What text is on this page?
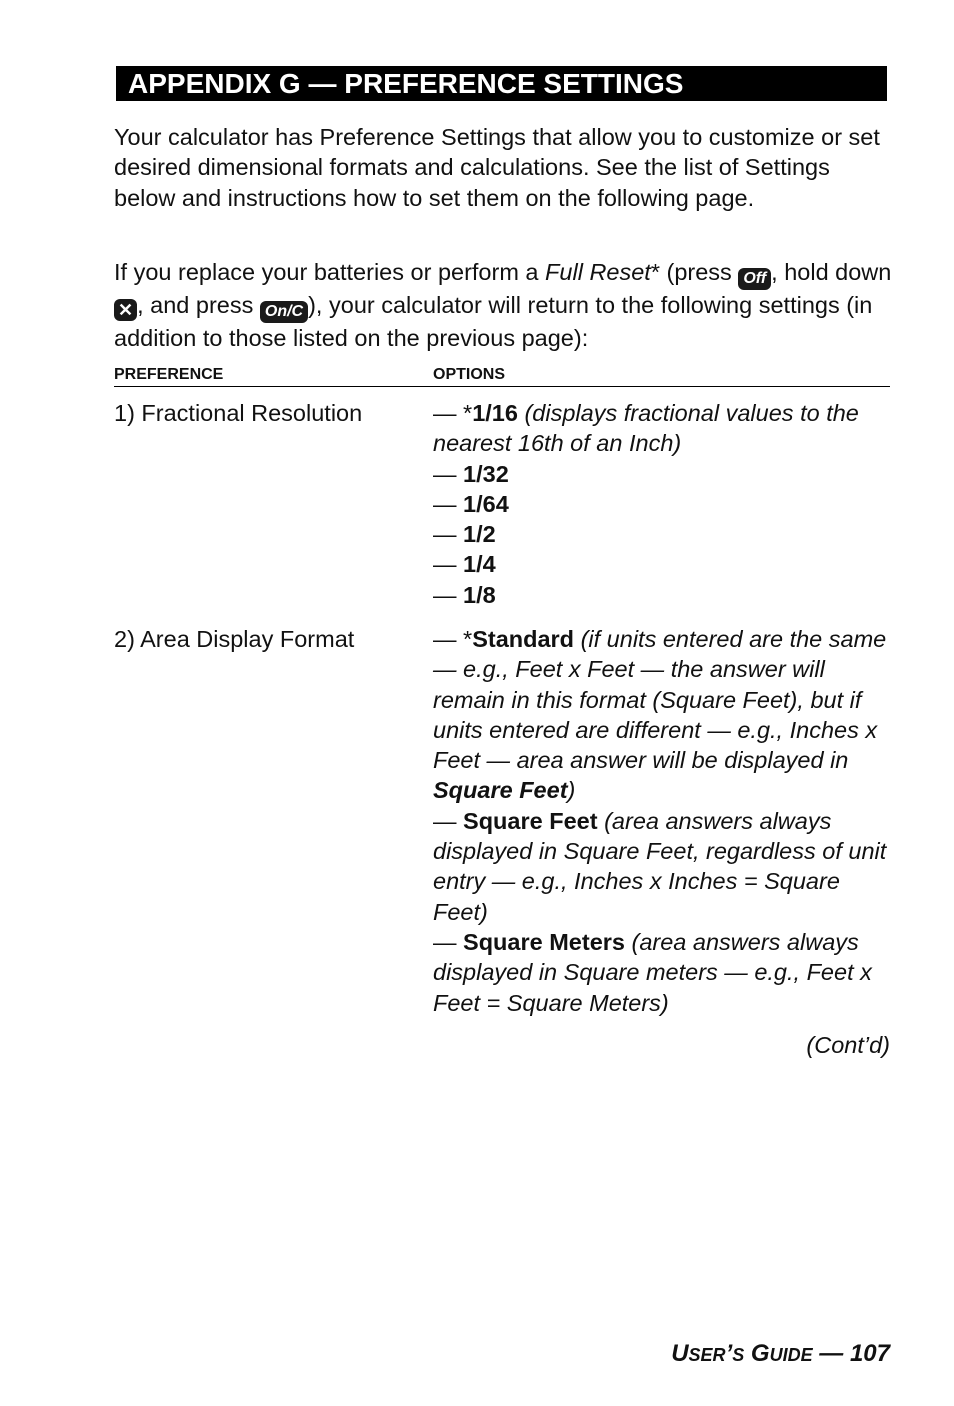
APPENDIX G — PREFERENCE SETTINGS
Your calculator has Preference Settings that allow you to customize or set desired dimensional formats and calculations. See the list of Settings below and instructions how to set them on the following page.
If you replace your batteries or perform a Full Reset* (press Off , hold down ✕ , and press On/C ), your calculator will return to the following settings (in addition to those listed on the previous page):
PREFERENCE	OPTIONS
1) Fractional Resolution	— *1/16 (displays fractional values to the nearest 16th of an Inch)
— 1/32
— 1/64
— 1/2
— 1/4
— 1/8
2) Area Display Format	— *Standard (if units entered are the same — e.g., Feet x Feet — the answer will remain in this format (Square Feet), but if units entered are different — e.g., Inches x Feet — area answer will be displayed in Square Feet)
— Square Feet (area answers always displayed in Square Feet, regardless of unit entry — e.g., Inches x Inches = Square Feet)
— Square Meters (area answers always displayed in Square meters — e.g., Feet x Feet = Square Meters)
(Cont’d)
USER’S GUIDE — 107
